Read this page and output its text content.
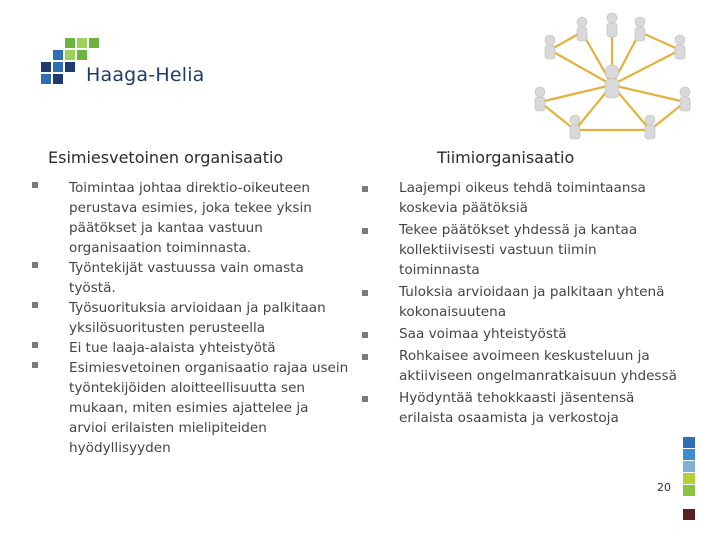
Haaga-Helia
Esimiesvetoinen organisaatio	Tiimiorganisaatio
Toimintaa johtaa direktio-oikeuteen perustava esimies, joka tekee yksin päätökset ja kantaa vastuun organisaation toiminnasta.
Työntekijät vastuussa vain omasta työstä.
Työsuorituksia arvioidaan ja palkitaan yksilösuoritusten perusteella
Ei tue laaja-alaista yhteistyötä
Esimiesvetoinen organisaatio rajaa usein työntekijöiden aloitteellisuutta sen mukaan, miten esimies ajattelee ja arvioi erilaisten mielipiteiden hyödyllisyyden
Laajempi oikeus tehdä toimintaansa koskevia päätöksiä
Tekee päätökset yhdessä ja kantaa kollektiivisesti vastuun tiimin toiminnasta
Tuloksia arvioidaan ja palkitaan yhtenä kokonaisuutena
Saa voimaa yhteistyöstä
Rohkaisee avoimeen keskusteluun ja aktiiviseen ongelmanratkaisuun yhdessä
Hyödyntää tehokkaasti jäsentensä erilaista osaamista ja verkostoja
20
